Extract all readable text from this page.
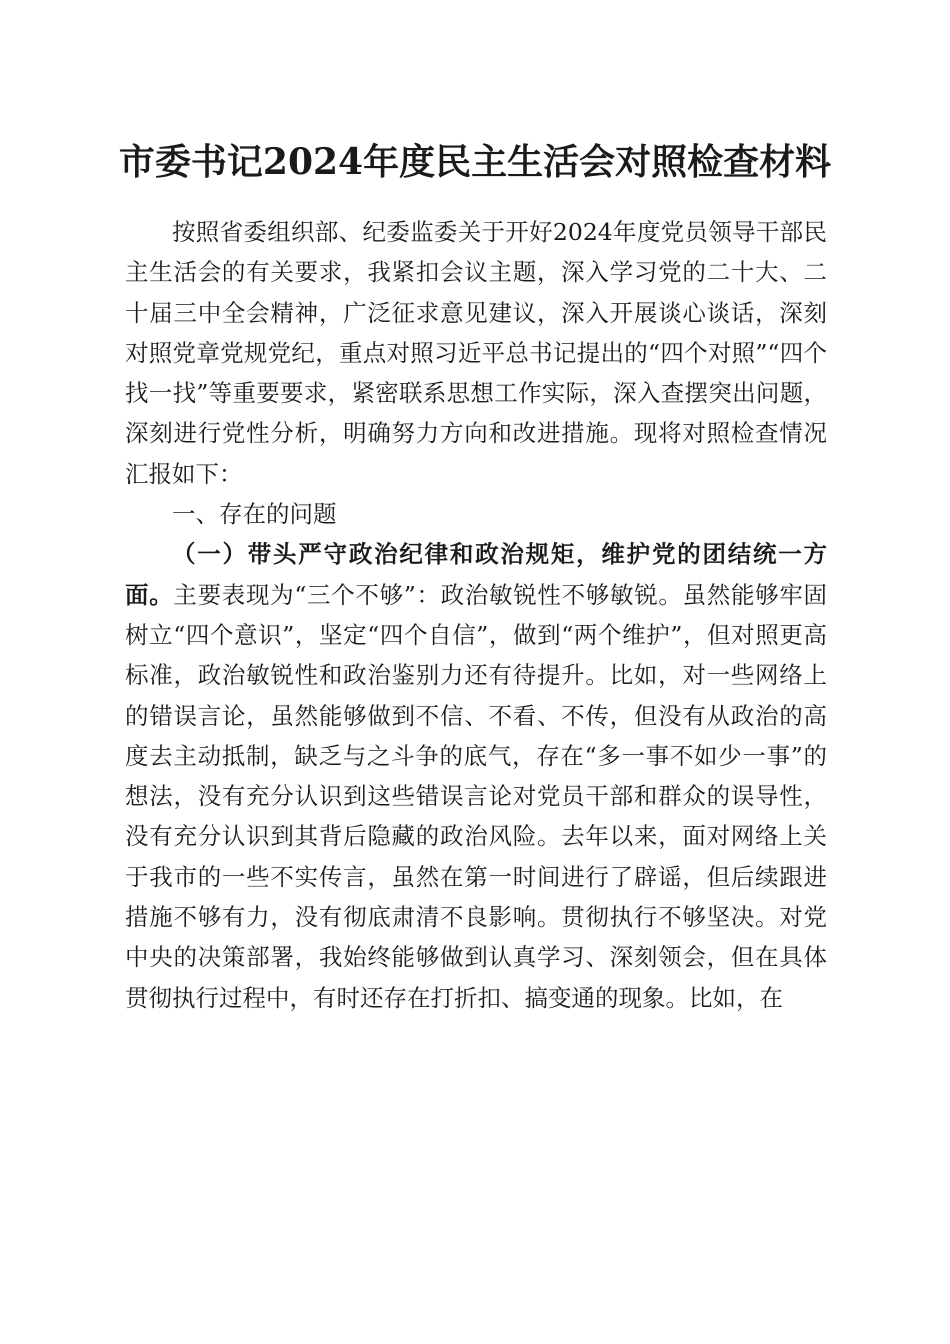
市委书记2024年度民主生活会对照检查材料

按照省委组织部、纪委监委关于开好2024年度党员领导干部民主生活会的有关要求，我紧扣会议主题，深入学习党的二十大、二十届三中全会精神，广泛征求意见建议，深入开展谈心谈话，深刻对照党章党规党纪，重点对照习近平总书记提出的“四个对照”“四个找一找”等重要要求，紧密联系思想工作实际，深入查摆突出问题，深刻进行党性分析，明确努力方向和改进措施。现将对照检查情况汇报如下：

一、存在的问题

（一）带头严守政治纪律和政治规矩，维护党的团结统一方面。主要表现为“三个不够”：政治敏锐性不够敏锐。虽然能够牢固树立“四个意识”，坚定“四个自信”，做到“两个维护”，但对照更高标准，政治敏锐性和政治鉴别力还有待提升。比如，对一些网络上的错误言论，虽然能够做到不信、不看、不传，但没有从政治的高度去主动抵制，缺乏与之斗争的底气，存在“多一事不如少一事”的想法，没有充分认识到这些错误言论对党员干部和群众的误导性，没有充分认识到其背后隐藏的政治风险。去年以来，面对网络上关于我市的一些不实传言，虽然在第一时间进行了辟谣，但后续跟进措施不够有力，没有彻底肃清不良影响。贯彻执行不够坚决。对党中央的决策部署，我始终能够做到认真学习、深刻领会，但在具体贯彻执行过程中，有时还存在打折扣、搞变通的现象。比如，在
